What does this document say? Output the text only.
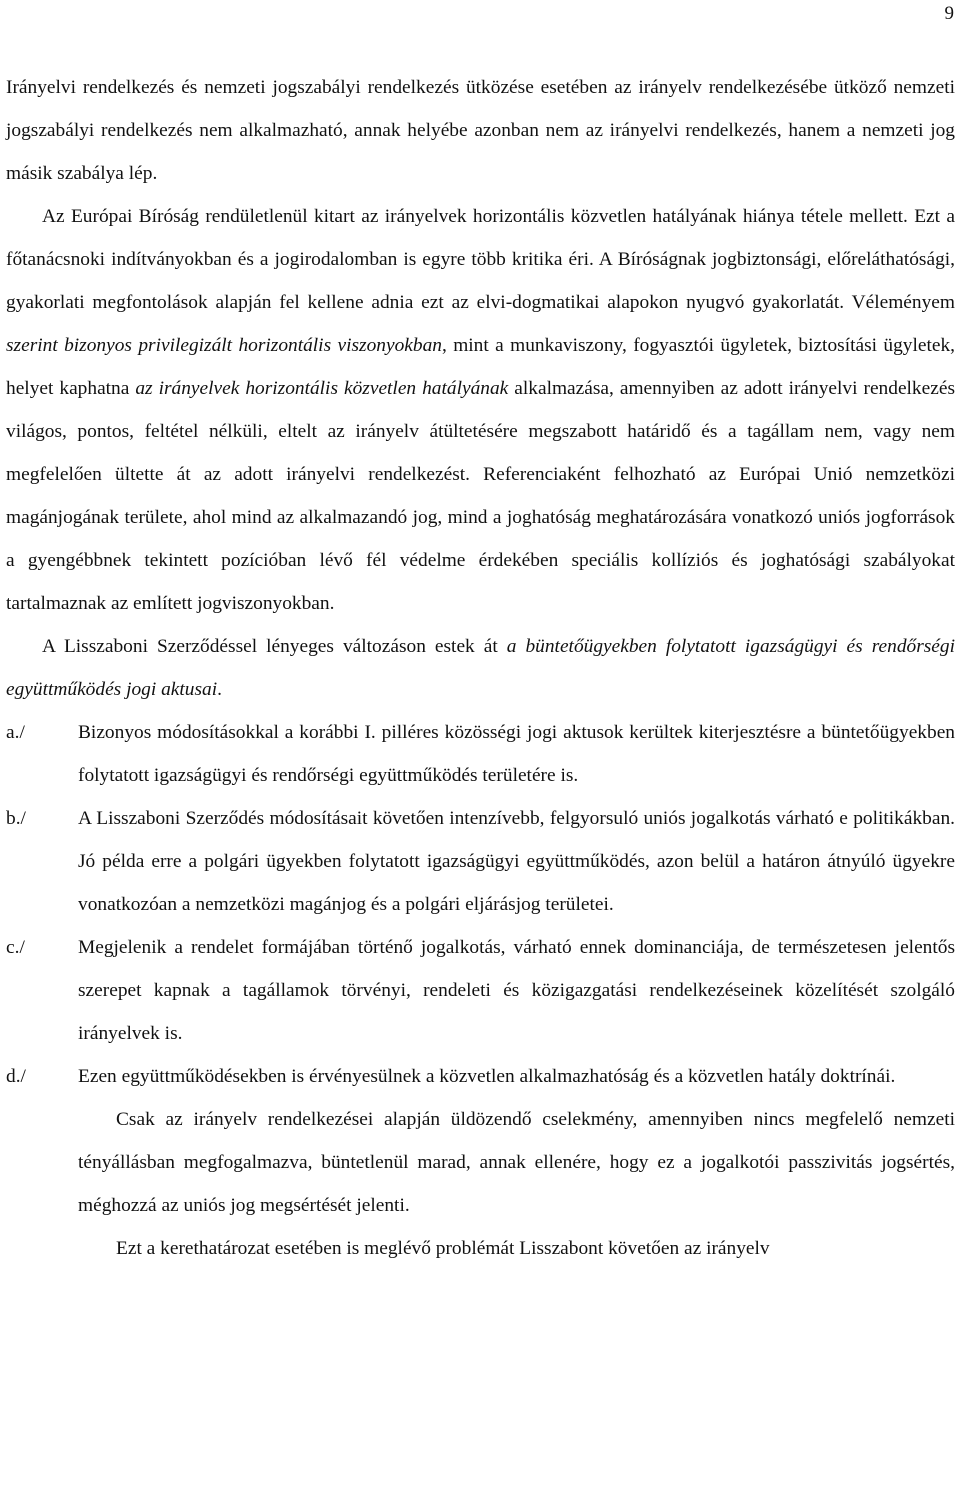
9

Irányelvi rendelkezés és nemzeti jogszabályi rendelkezés ütközése esetében az irányelv rendelkezésébe ütköző nemzeti jogszabályi rendelkezés nem alkalmazható, annak helyébe azonban nem az irányelvi rendelkezés, hanem a nemzeti jog másik szabálya lép.

Az Európai Bíróság rendületlenül kitart az irányelvek horizontális közvetlen hatályának hiánya tétele mellett. Ezt a főtanácsnoki indítványokban és a jogirodalomban is egyre több kritika éri. A Bíróságnak jogbiztonsági, előreláthatósági, gyakorlati megfontolások alapján fel kellene adnia ezt az elvi-dogmatikai alapokon nyugvó gyakorlatát. Véleményem szerint bizonyos privilegizált horizontális viszonyokban, mint a munkaviszony, fogyasztói ügyletek, biztosítási ügyletek, helyet kaphatna az irányelvek horizontális közvetlen hatályának alkalmazása, amennyiben az adott irányelvi rendelkezés világos, pontos, feltétel nélküli, eltelt az irányelv átültetésére megszabott határidő és a tagállam nem, vagy nem megfelelően ültette át az adott irányelvi rendelkezést. Referenciaként felhozható az Európai Unió nemzetközi magánjogának területe, ahol mind az alkalmazandó jog, mind a joghatóság meghatározására vonatkozó uniós jogforrások a gyengébbnek tekintett pozícióban lévő fél védelme érdekében speciális kollíziós és joghatósági szabályokat tartalmaznak az említett jogviszonyokban.

A Lisszaboni Szerződéssel lényeges változáson estek át a büntetőügyekben folytatott igazságügyi és rendőrségi együttműködés jogi aktusai.

a./	Bizonyos módosításokkal a korábbi I. pilléres közösségi jogi aktusok kerültek kiterjesztésre a büntetőügyekben folytatott igazságügyi és rendőrségi együttműködés területére is.
b./	A Lisszaboni Szerződés módosításait követően intenzívebb, felgyorsuló uniós jogalkotás várható e politikákban. Jó példa erre a polgári ügyekben folytatott igazságügyi együttműködés, azon belül a határon átnyúló ügyekre vonatkozóan a nemzetközi magánjog és a polgári eljárásjog területei.
c./	Megjelenik a rendelet formájában történő jogalkotás, várható ennek dominanciája, de természetesen jelentős szerepet kapnak a tagállamok törvényi, rendeleti és közigazgatási rendelkezéseinek közelítését szolgáló irányelvek is.
d./	Ezen együttműködésekben is érvényesülnek a közvetlen alkalmazhatóság és a közvetlen hatály doktrínái.

Csak az irányelv rendelkezései alapján üldözendő cselekmény, amennyiben nincs megfelelő nemzeti tényállásban megfogalmazva, büntetlenül marad, annak ellenére, hogy ez a jogalkotói passzivitás jogsértés, méghozzá az uniós jog megsértését jelenti.

Ezt a kerethatározat esetében is meglévő problémát Lisszabont követően az irányelv
